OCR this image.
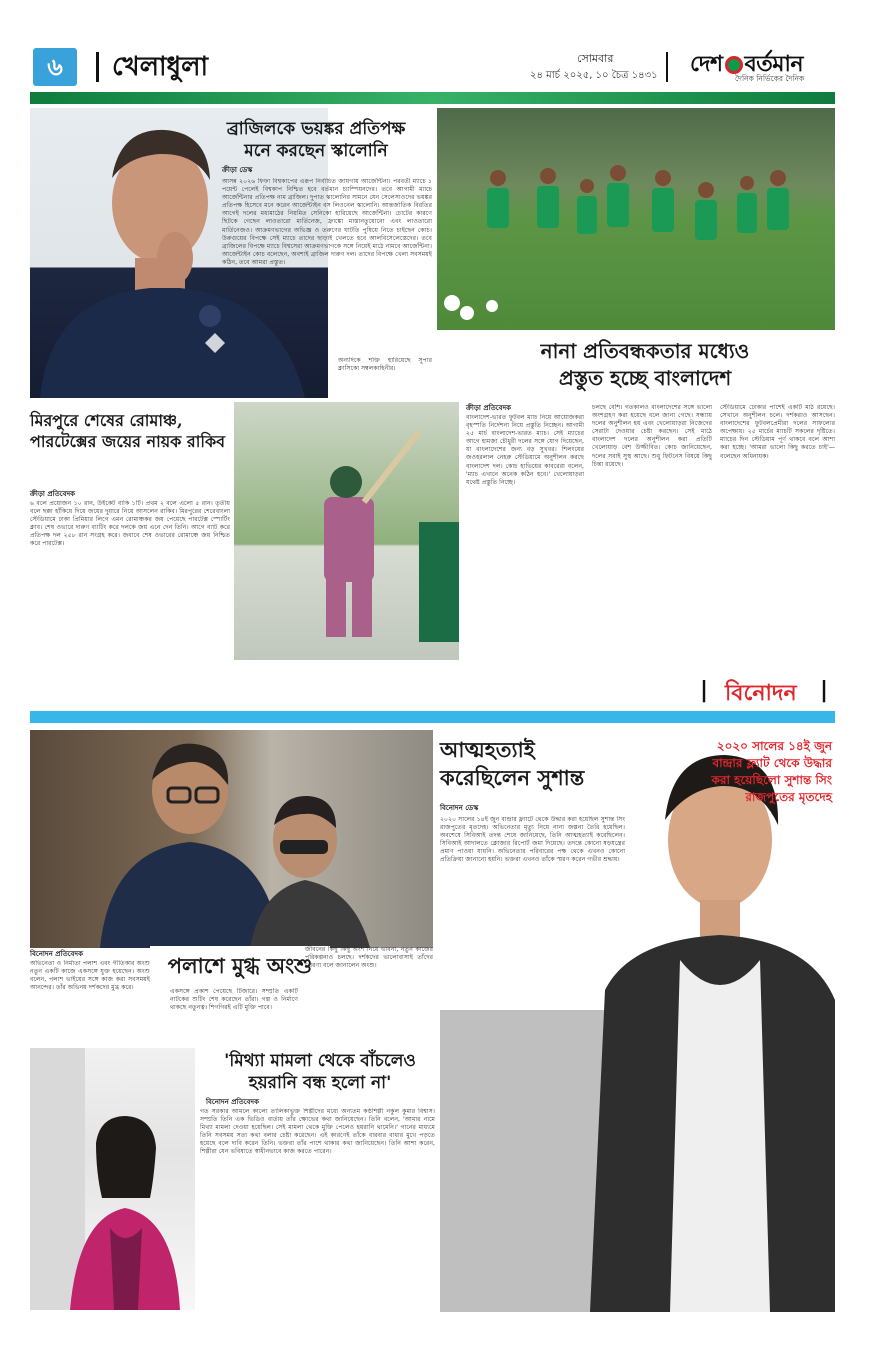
৬	খেলাধুলা	সোমবার
২৪ মার্চ ২০২৫, ১০ চৈত্র ১৪৩১ দেশ বর্তমান
দৈনিক নির্ভিকের দৈনিক
ব্রাজিলকে ভয়ঙ্কর প্রতিপক্ষ
মনে করছেন স্কালোনি
ক্রীড়া ডেস্ক
আসন্ন ২০২৬ ফিফা বিশ্বকাপের এরূপ নির্বাচিত জায়গায় আর্জেন্টিনা। পরবর্তী ম্যাচে ১ পয়েন্ট পেলেই বিশ্বকাপ নিশ্চিত হবে বর্তমান চ্যাম্পিয়নদের। তবে আগামী ম্যাচে আর্জেন্টিনার প্রতিপক্ষ নাম ব্রাজিল। দুপাত স্কালোনির সামনে যেন সেলেসাওদের ভয়ঙ্কর প্রতিপক্ষ হিসেবে মনে করেন আর্জেন্টাইন বস লিওনেল স্কালোনি। আন্তর্জাতিক বিরতির আগেই দলের মধ্যমাঠের নিয়মিত সেনিকো হারিয়েছে আর্জেন্টিনা। চোটের কারণে ছিটকে গেছেন লাওতারো মার্তিনেজ, ফ্রাঙ্কো মাস্তানতুয়োনো এবং লাওতারো মার্তিনেজও। আক্রমণভাগের অভিজ্ঞ ও তরুণের ঘাটতি পুষিয়ে নিতে চাইছেন কোচ। উরুগুয়ের বিপক্ষে সেই ম্যাচে তাদের ছাড়াই খেলতে হবে আলবিসেলেস্তেদের। তবে ব্রাজিলের বিপক্ষে ম্যাচে বিশ্বসেরা আক্রমণভাগকে সঙ্গে নিয়েই মাঠে নামবে আর্জেন্টিনা। আর্জেন্টাইন কোচ বলেছেন, অবশ্যই ব্রাজিল দারুণ দল। তাদের বিপক্ষে খেলা সবসময়ই কঠিন, তবে আমরা প্রস্তুত।
অন্যদিকে শক্তি হারিয়েছে সুপার ক্লাসিকো সম্বলকাহিনীর।
নানা প্রতিবন্ধকতার মধ্যেও
প্রস্তুত হচ্ছে বাংলাদেশ
ক্রীড়া প্রতিবেদক
বাংলাদেশ-ভারত ফুটবল ম্যাচ নিয়ে আয়োজকরা বৃহস্পতি নির্দেশনা নিয়ে প্রস্তুতি নিচ্ছেন। আগামী ২৫ মার্চ বাংলাদেশ-ভারত ম্যাচ। সেই ম্যাচের আগে হামজা চৌধুরী দলের সঙ্গে যোগ দিয়েছেন, যা বাংলাদেশের জন্য বড় সুখবর। শিলংয়ের জওহরলাল নেহরু স্টেডিয়ামে অনুশীলন করছে বাংলাদেশ দল। কোচ হাভিয়ের কাবরেরা বলেন, 'ম্যাচ এখানে অনেক কঠিন হবে।' খেলোয়াড়রা যথেষ্ট প্রস্তুতি নিচ্ছে।
চলছে বেশি। গতকালও বাংলাদেশের সঙ্গে ভালো অংশগ্রহণ করা হয়েছে বলে জানা গেছে। সন্ধ্যায় দলের অনুশীলন হয় এবং খেলোয়াড়রা নিজেদের সেরাটা দেওয়ার চেষ্টা করছেন। সেই মাঠে বাংলাদেশ দলের অনুশীলন করা প্রতিটি খেলোয়াড় বেশ উজ্জীবিত। কোচ জানিয়েছেন, দলের সবাই সুস্থ আছে। শুধু ফিটনেস বিষয়ে কিছু চিন্তা রয়েছে।
স্টেডিয়ামে ঢোকার পাশেই একটি মাঠ রয়েছে। সেখানে অনুশীলন চলে। দর্শকরাও আসছেন। বাংলাদেশের ফুটবলপ্রেমীরা দলের সাফল্যের অপেক্ষায়। ২৫ মার্চের ম্যাচটি সকলের দৃষ্টিতে। ম্যাচের দিন স্টেডিয়াম পূর্ণ থাকবে বলে আশা করা হচ্ছে। 'আমরা ভালো কিছু করতে চাই'—বলেছেন অধিনায়ক।
মিরপুরে শেষের রোমাঞ্চ,
পারটেক্সের জয়ের নায়ক রাকিব
ক্রীড়া প্রতিবেদক
৬ বলে প্রয়োজন ১০ রান, উইকেট বাকি ১টি। প্রথম ২ বলে এলো ৫ রান। তৃতীয় বলে ছক্কা হাঁকিয়ে দিয়ে জয়ের দুয়ারে নিয়ে আসলেন রাকিব। মিরপুরের শেরেবাংলা স্টেডিয়ামে ঢাকা প্রিমিয়ার লিগে এমন রোমাঞ্চকর জয় পেয়েছে পারটেক্স স্পোর্টিং ক্লাব। শেষ ওভারে দারুণ ব্যাটিং করে দলকে জয় এনে দেন তিনি। আগে ব্যাট করে প্রতিপক্ষ দল ২৫৮ রান সংগ্রহ করে। জবাবে শেষ ওভারের রোমাঞ্চে জয় নিশ্চিত করে পারটেক্স।
| বিনোদন |
পলাশে মুগ্ধ অংশু
বিনোদন প্রতিবেদক
অভিনেতা ও নির্মাতা পলাশ এবং গীতিকার অংশু নতুন একটি কাজে একসঙ্গে যুক্ত হয়েছেন। অংশু বলেন, পলাশ ভাইয়ের সঙ্গে কাজ করা সবসময়ই আনন্দের। তাঁর অভিনয় দর্শকদের মুগ্ধ করে।
একসঙ্গে প্রকাশ পেয়েছে টিজারে। সম্প্রতি একটি নাটকের শুটিং শেষ করেছেন তাঁরা। গল্প ও নির্মাণে থাকছে নতুনত্ব। শিগগিরই এটি মুক্তি পাবে।
জীবনের কিছু কিছু অংশ নিয়ে ভাবনা, নতুন কাজের পরিকল্পনাও চলছে। দর্শকদের ভালোবাসাই তাঁদের প্রেরণা বলে জানালেন অংশু।
'মিথ্যা মামলা থেকে বাঁচলেও
হয়রানি বন্ধ হলো না'
বিনোদন প্রতিবেদক
গত সরকার আমলে কালো তালিকাভুক্ত শিল্পীদের মধ্যে অন্যতম কণ্ঠশিল্পী নকুল কুমার বিশ্বাস। সম্প্রতি তিনি এক ভিডিও বার্তায় তাঁর ক্ষোভের কথা জানিয়েছেন। তিনি বলেন, 'আমার নামে মিথ্যা মামলা দেওয়া হয়েছিল। সেই মামলা থেকে মুক্তি পেলেও হয়রানি থামেনি।' গানের মাধ্যমে তিনি সবসময় সত্য কথা বলার চেষ্টা করেছেন। এই কারণেই তাঁকে বারবার বাধার মুখে পড়তে হয়েছে বলে দাবি করেন তিনি। ভক্তরা তাঁর পাশে থাকার কথা জানিয়েছেন। তিনি আশা করেন, শিল্পীরা যেন ভবিষ্যতে স্বাধীনভাবে কাজ করতে পারেন।
আত্মহত্যাই
করেছিলেন সুশান্ত
বিনোদন ডেস্ক
২০২০ সালের ১৪ই জুন বান্দ্রার ফ্ল্যাটে থেকে উদ্ধার করা হয়েছিল সুশান্ত সিং রাজপুতের মৃতদেহ। অভিনেতার মৃত্যু নিয়ে নানা জল্পনা তৈরি হয়েছিল। অবশেষে সিবিআই তদন্ত শেষে জানিয়েছে, তিনি আত্মহত্যাই করেছিলেন। সিবিআই আদালতে ক্লোজার রিপোর্ট জমা দিয়েছে। তদন্তে কোনো ষড়যন্ত্রের প্রমাণ পাওয়া যায়নি। অভিনেতার পরিবারের পক্ষ থেকে এখনও কোনো প্রতিক্রিয়া জানানো হয়নি। ভক্তরা এখনও তাঁকে স্মরণ করেন গভীর শ্রদ্ধায়।
২০২০ সালের ১৪ই জুন বান্দ্রার ফ্ল্যাট থেকে উদ্ধার করা হয়েছিলো সুশান্ত সিং রাজপুতের মৃতদেহ
